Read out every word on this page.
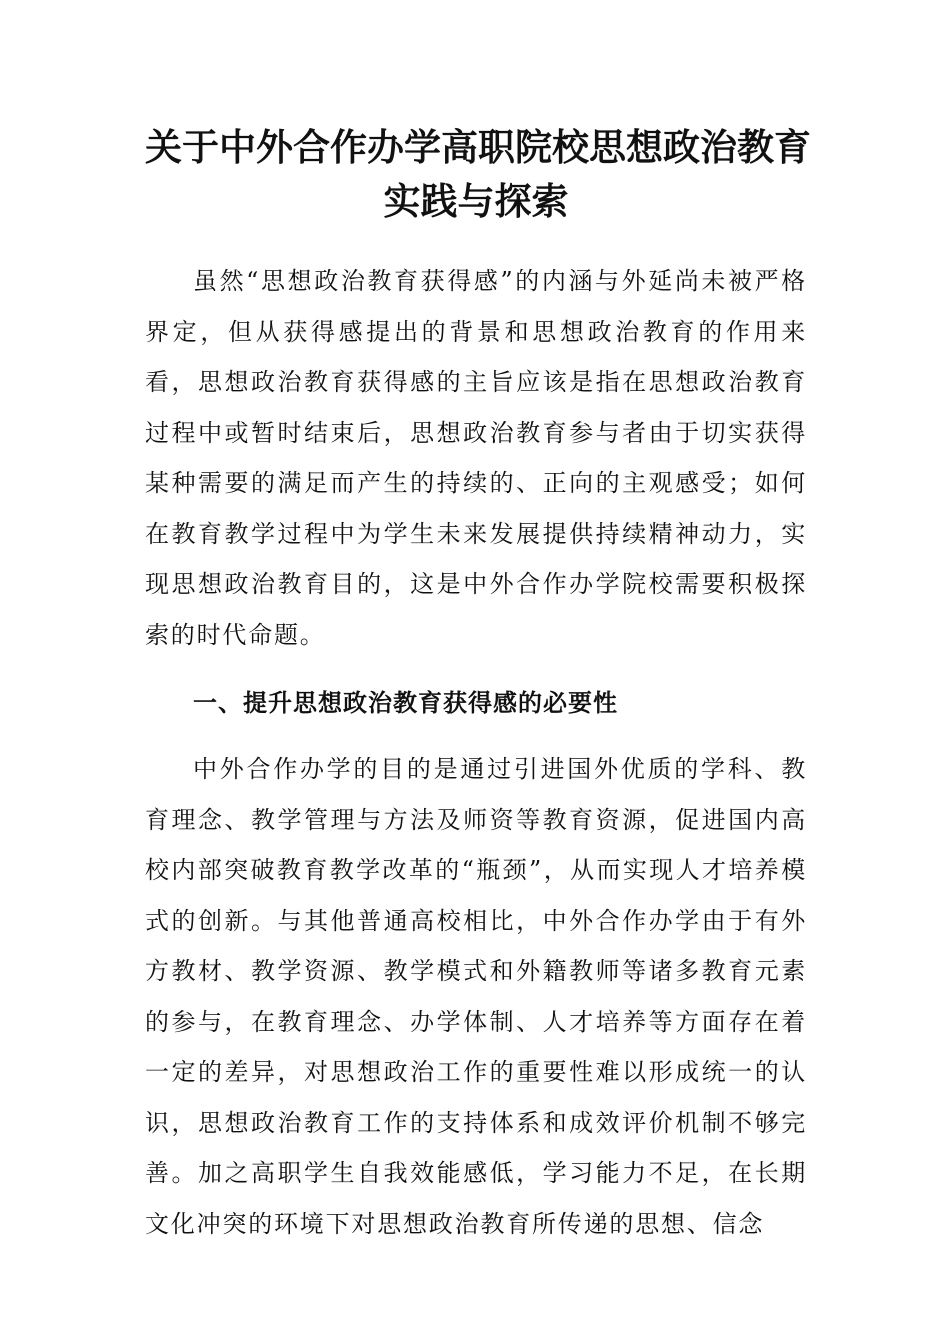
关于中外合作办学高职院校思想政治教育
实践与探索

虽然“思想政治教育获得感”的内涵与外延尚未被严格界定，但从获得感提出的背景和思想政治教育的作用来看，思想政治教育获得感的主旨应该是指在思想政治教育过程中或暂时结束后，思想政治教育参与者由于切实获得某种需要的满足而产生的持续的、正向的主观感受；如何在教育教学过程中为学生未来发展提供持续精神动力，实现思想政治教育目的，这是中外合作办学院校需要积极探索的时代命题。

一、提升思想政治教育获得感的必要性

中外合作办学的目的是通过引进国外优质的学科、教育理念、教学管理与方法及师资等教育资源，促进国内高校内部突破教育教学改革的“瓶颈”，从而实现人才培养模式的创新。与其他普通高校相比，中外合作办学由于有外方教材、教学资源、教学模式和外籍教师等诸多教育元素的参与，在教育理念、办学体制、人才培养等方面存在着一定的差异，对思想政治工作的重要性难以形成统一的认识，思想政治教育工作的支持体系和成效评价机制不够完善。加之高职学生自我效能感低，学习能力不足，在长期文化冲突的环境下对思想政治教育所传递的思想、信念
